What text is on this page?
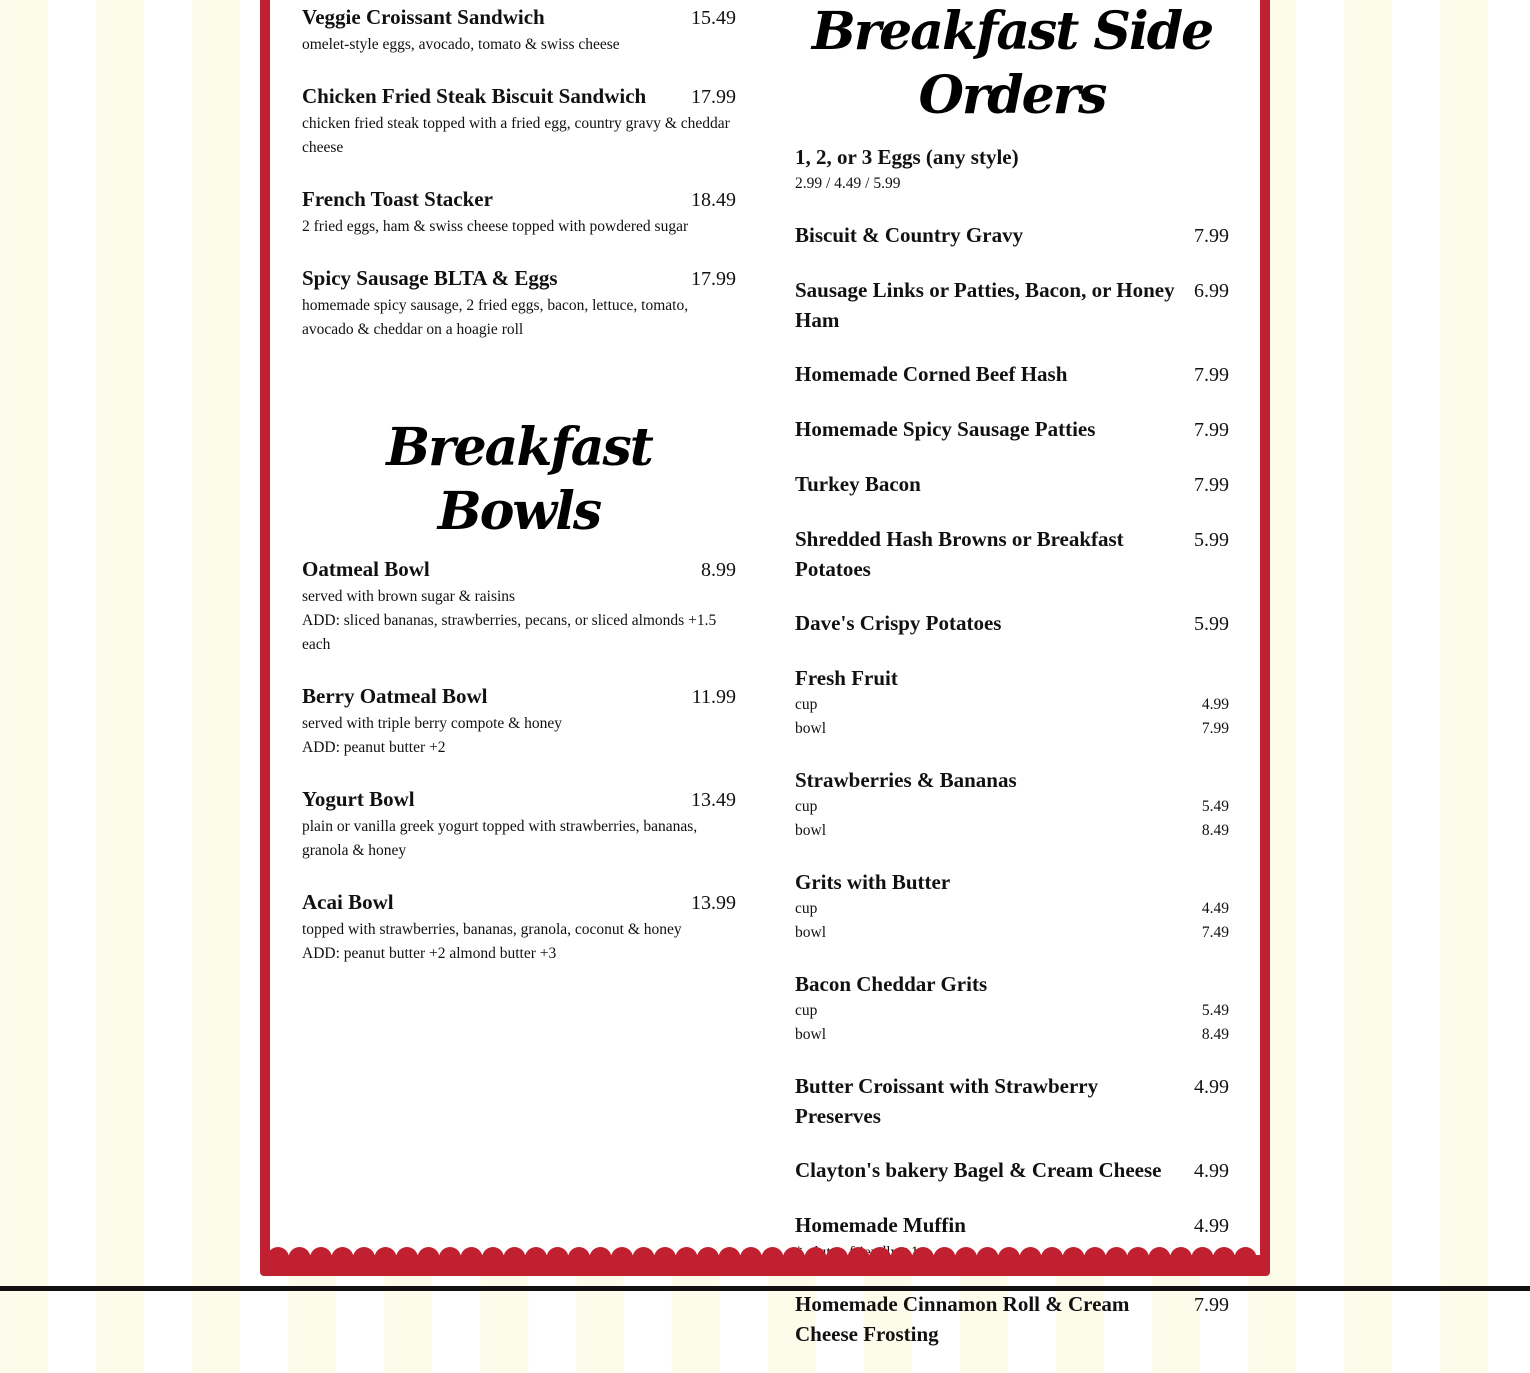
Veggie Croissant Sandwich	15.49
omelet-style eggs, avocado, tomato & swiss cheese
Chicken Fried Steak Biscuit Sandwich	17.99
chicken fried steak topped with a fried egg, country gravy & cheddar cheese
French Toast Stacker	18.49
2 fried eggs, ham & swiss cheese topped with powdered sugar
Spicy Sausage BLTA & Eggs	17.99
homemade spicy sausage, 2 fried eggs, bacon, lettuce, tomato, avocado & cheddar on a hoagie roll
Breakfast Bowls
Oatmeal Bowl	8.99
served with brown sugar & raisins
ADD: sliced bananas, strawberries, pecans, or sliced almonds +1.5 each
Berry Oatmeal Bowl	11.99
served with triple berry compote & honey
ADD: peanut butter +2
Yogurt Bowl	13.49
plain or vanilla greek yogurt topped with strawberries, bananas, granola & honey
Acai Bowl	13.99
topped with strawberries, bananas, granola, coconut & honey
ADD: peanut butter +2 almond butter +3
Breakfast Side Orders
1, 2, or 3 Eggs (any style)
2.99 / 4.49 / 5.99
Biscuit & Country Gravy	7.99
Sausage Links or Patties, Bacon, or Honey Ham
6.99
Homemade Corned Beef Hash	7.99
Homemade Spicy Sausage Patties	7.99
Turkey Bacon	7.99
Shredded Hash Browns or Breakfast Potatoes
5.99
Dave's Crispy Potatoes	5.99
Fresh Fruit
cup	4.99
bowl	7.99
Strawberries & Bananas
cup	5.49
bowl	8.49
Grits with Butter
cup	4.49
bowl	7.49
Bacon Cheddar Grits
cup	5.49
bowl	8.49
Butter Croissant with Strawberry Preserves
4.99
Clayton's bakery Bagel & Cream Cheese	4.99
Homemade Muffin	4.99
gluten
Homemade Cinnamon Roll & Cream Cheese Frosting
7.99
